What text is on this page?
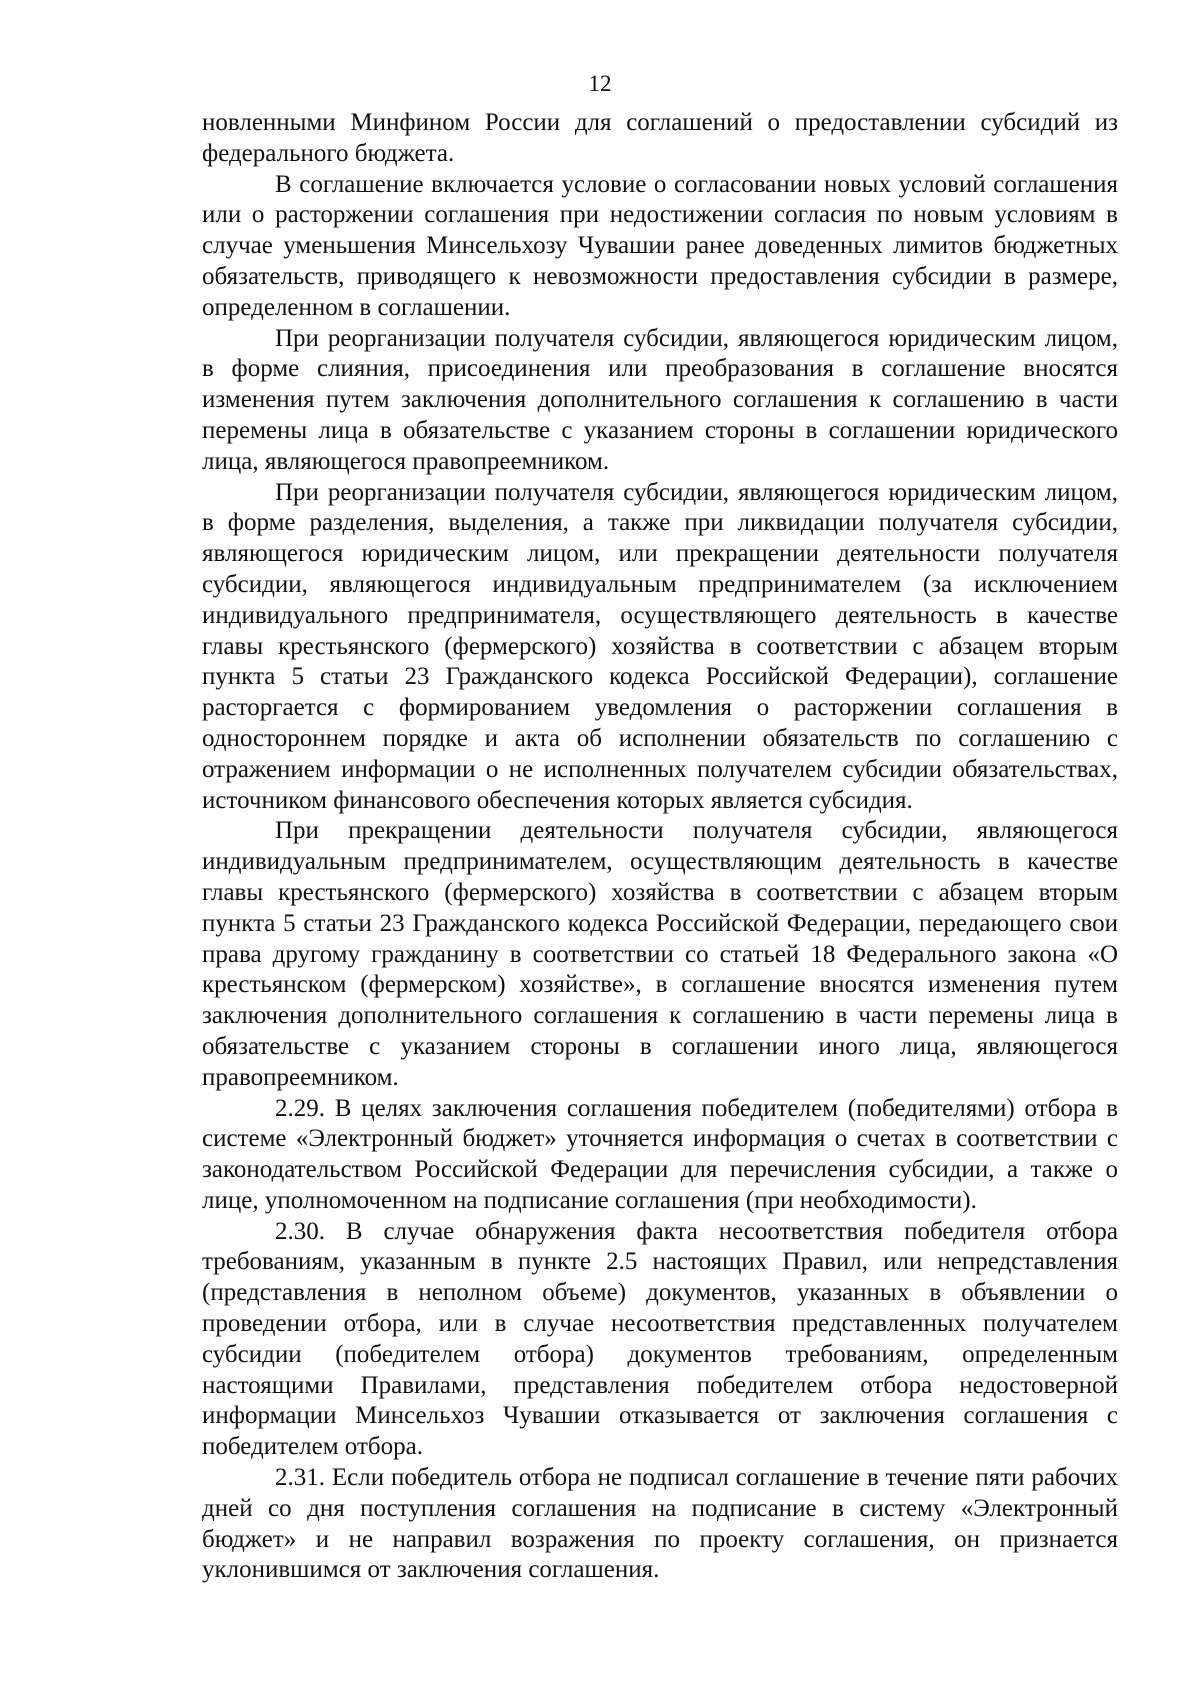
12

новленными Минфином России для соглашений о предоставлении субсидий из федерального бюджета.

В соглашение включается условие о согласовании новых условий соглашения или о расторжении соглашения при недостижении согласия по новым условиям в случае уменьшения Минсельхозу Чувашии ранее доведенных лимитов бюджетных обязательств, приводящего к невозможности предоставления субсидии в размере, определенном в соглашении.

При реорганизации получателя субсидии, являющегося юридическим лицом, в форме слияния, присоединения или преобразования в соглашение вносятся изменения путем заключения дополнительного соглашения к соглашению в части перемены лица в обязательстве с указанием стороны в соглашении юридического лица, являющегося правопреемником.

При реорганизации получателя субсидии, являющегося юридическим лицом, в форме разделения, выделения, а также при ликвидации получателя субсидии, являющегося юридическим лицом, или прекращении деятельности получателя субсидии, являющегося индивидуальным предпринимателем (за исключением индивидуального предпринимателя, осуществляющего деятельность в качестве главы крестьянского (фермерского) хозяйства в соответствии с абзацем вторым пункта 5 статьи 23 Гражданского кодекса Российской Федерации), соглашение расторгается с формированием уведомления о расторжении соглашения в одностороннем порядке и акта об исполнении обязательств по соглашению с отражением информации о не исполненных получателем субсидии обязательствах, источником финансового обеспечения которых является субсидия.

При прекращении деятельности получателя субсидии, являющегося индивидуальным предпринимателем, осуществляющим деятельность в качестве главы крестьянского (фермерского) хозяйства в соответствии с абзацем вторым пункта 5 статьи 23 Гражданского кодекса Российской Федерации, передающего свои права другому гражданину в соответствии со статьей 18 Федерального закона «О крестьянском (фермерском) хозяйстве», в соглашение вносятся изменения путем заключения дополнительного соглашения к соглашению в части перемены лица в обязательстве с указанием стороны в соглашении иного лица, являющегося правопреемником.

2.29. В целях заключения соглашения победителем (победителями) отбора в системе «Электронный бюджет» уточняется информация о счетах в соответствии с законодательством Российской Федерации для перечисления субсидии, а также о лице, уполномоченном на подписание соглашения (при необходимости).

2.30. В случае обнаружения факта несоответствия победителя отбора требованиям, указанным в пункте 2.5 настоящих Правил, или непредставления (представления в неполном объеме) документов, указанных в объявлении о проведении отбора, или в случае несоответствия представленных получателем субсидии (победителем отбора) документов требованиям, определенным настоящими Правилами, представления победителем отбора недостоверной информации Минсельхоз Чувашии отказывается от заключения соглашения с победителем отбора.

2.31. Если победитель отбора не подписал соглашение в течение пяти рабочих дней со дня поступления соглашения на подписание в систему «Электронный бюджет» и не направил возражения по проекту соглашения, он признается уклонившимся от заключения соглашения.
